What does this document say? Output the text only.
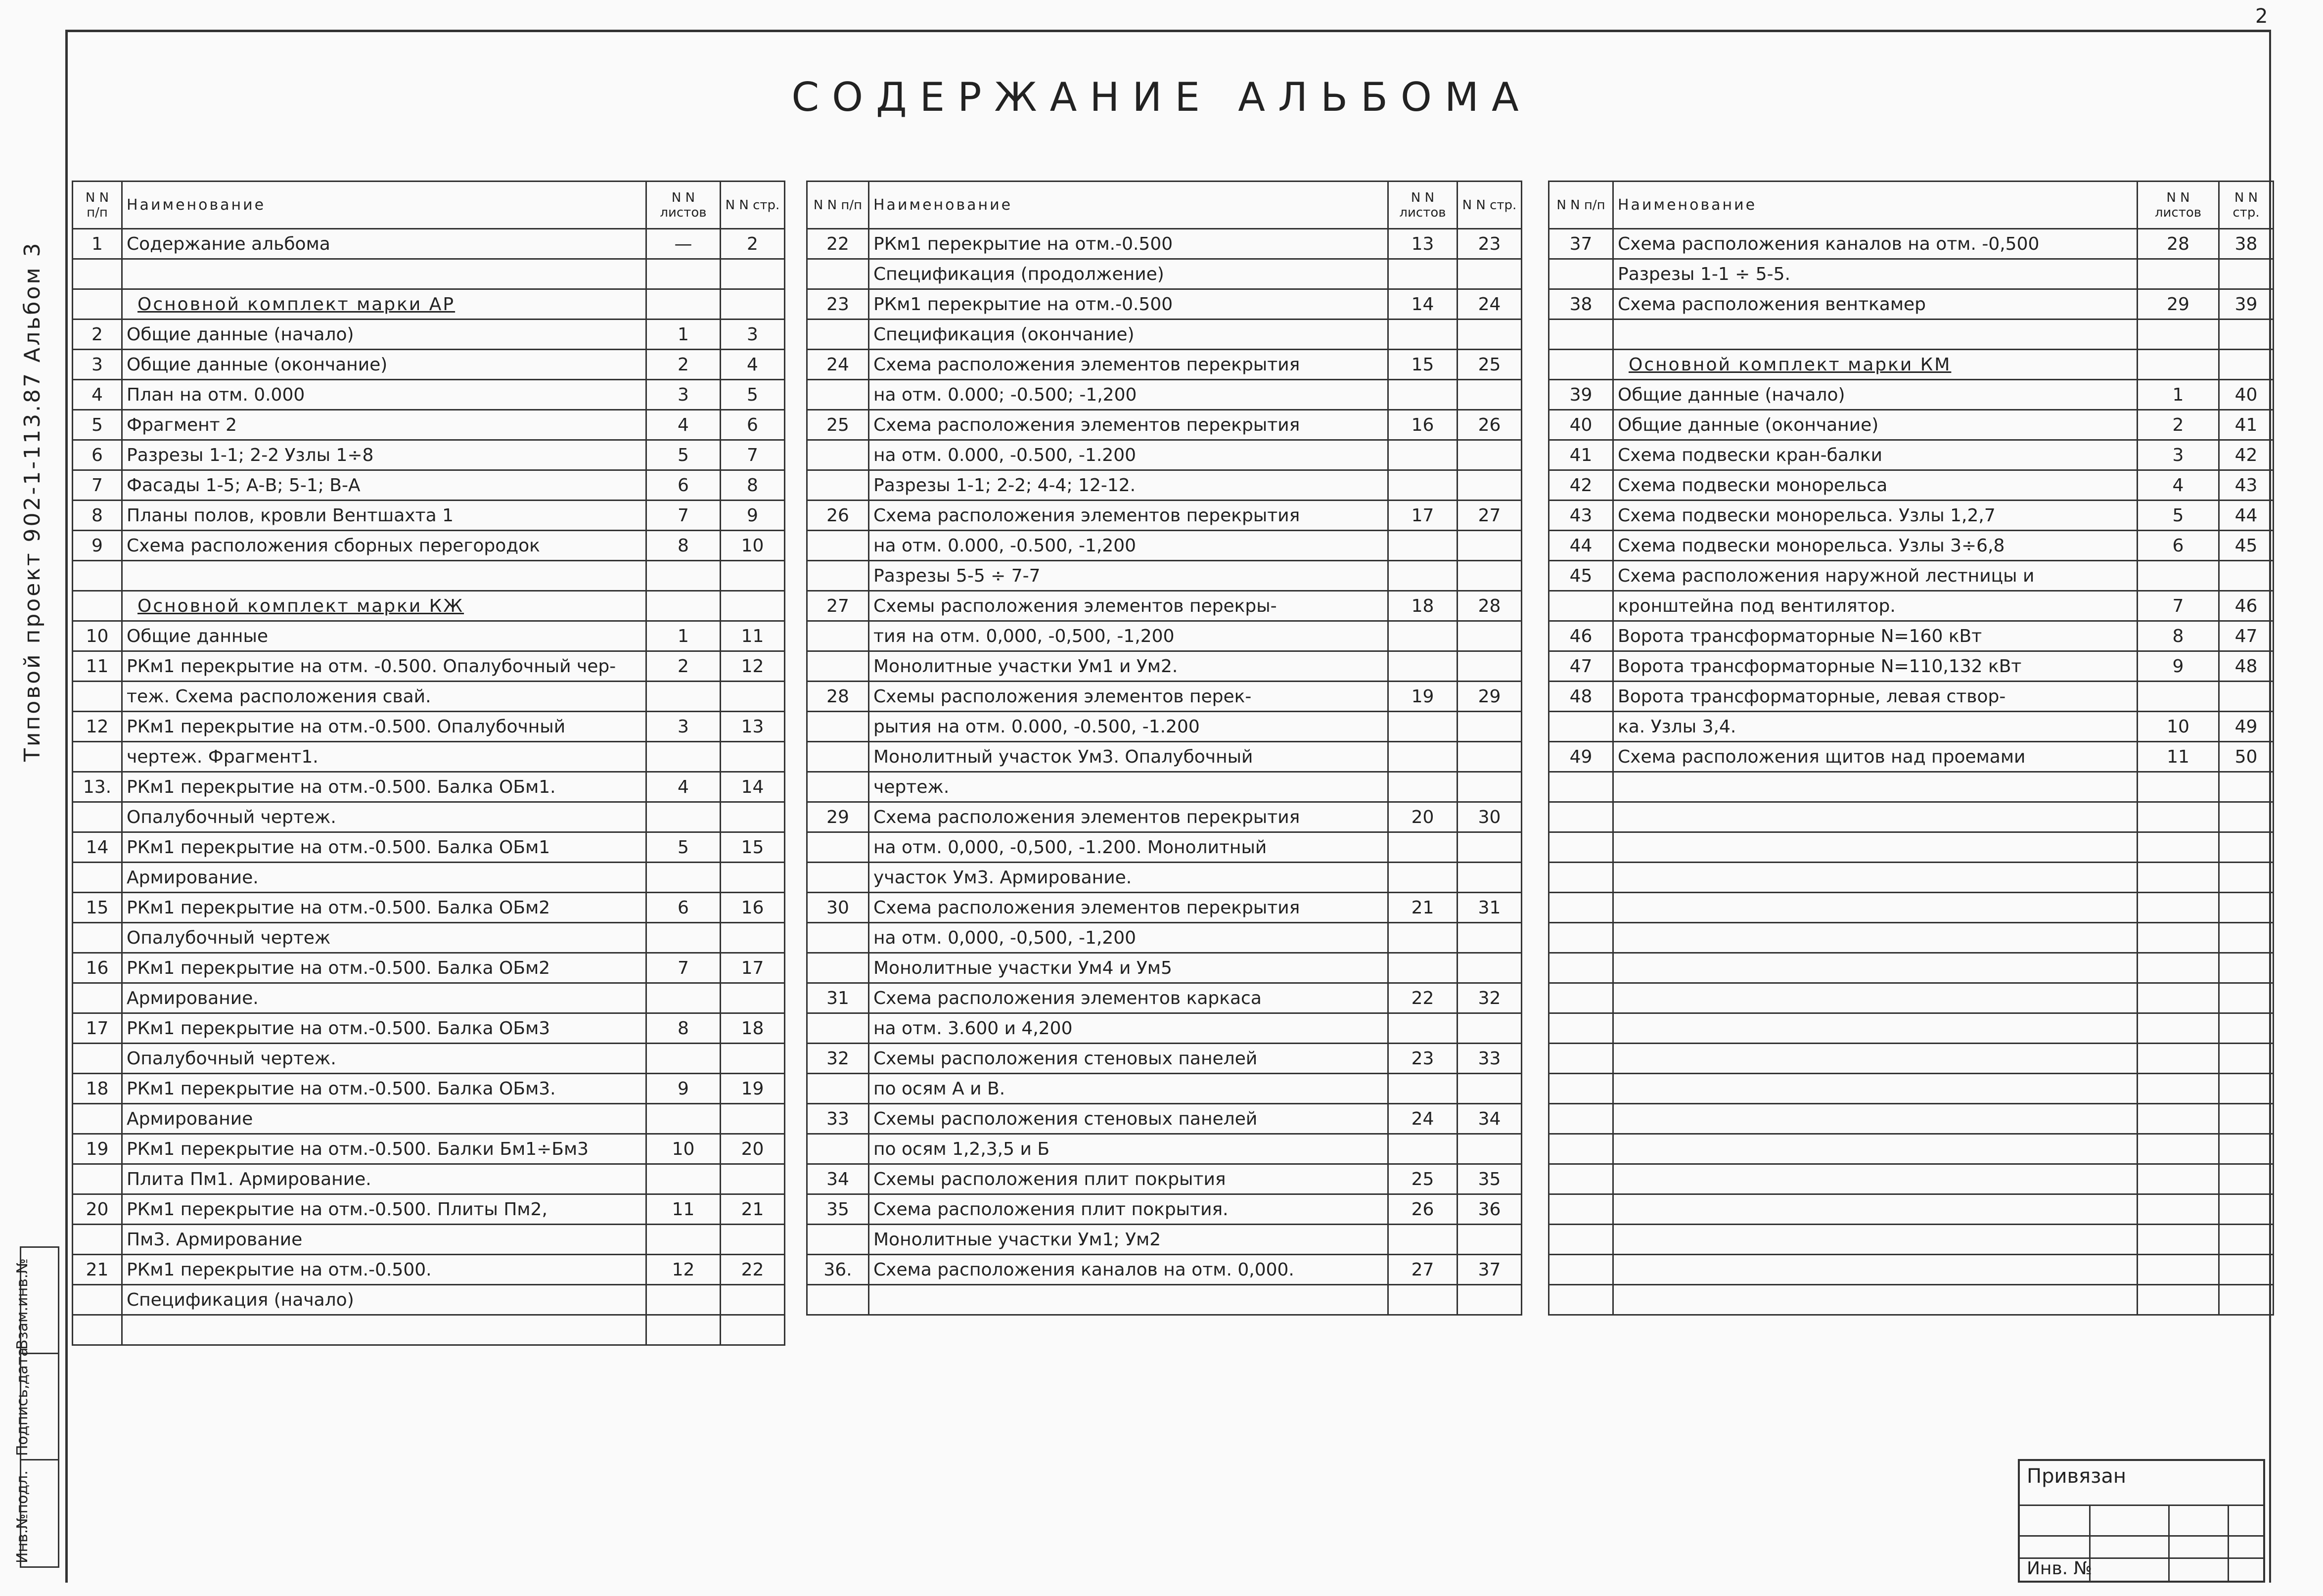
2
СОДЕРЖАНИЕ АЛЬБОМА
Типовой проект 902-1-113.87 Альбом 3
Взам.инв.№
Подпись,дата
Инв.№подл.
N N п/п	Наименование	N N листов	N N стр.
1	Содержание альбома	—	2

	Основной комплект марки АР		
2	Общие данные (начало)	1	3
3	Общие данные (окончание)	2	4
4	План на отм. 0.000	3	5
5	Фрагмент 2	4	6
6	Разрезы 1-1; 2-2 Узлы 1÷8	5	7
7	Фасады 1-5; А-В; 5-1; В-А	6	8
8	Планы полов, кровли Вентшахта 1	7	9
9	Схема расположения сборных перегородок	8	10

	Основной комплект марки КЖ		
10	Общие данные	1	11
11	РКм1 перекрытие на отм. -0.500. Опалубочный чер-	2	12
	теж. Схема расположения свай.		
12	РКм1 перекрытие на отм.-0.500. Опалубочный	3	13
	чертеж. Фрагмент1.		
13.	РКм1 перекрытие на отм.-0.500. Балка ОБм1.	4	14
	Опалубочный чертеж.		
14	РКм1 перекрытие на отм.-0.500. Балка ОБм1	5	15
	Армирование.		
15	РКм1 перекрытие на отм.-0.500. Балка ОБм2	6	16
	Опалубочный чертеж		
16	РКм1 перекрытие на отм.-0.500. Балка ОБм2	7	17
	Армирование.		
17	РКм1 перекрытие на отм.-0.500. Балка ОБм3	8	18
	Опалубочный чертеж.		
18	РКм1 перекрытие на отм.-0.500. Балка ОБм3.	9	19
	Армирование		
19	РКм1 перекрытие на отм.-0.500. Балки Бм1÷Бм3	10	20
	Плита Пм1. Армирование.		
20	РКм1 перекрытие на отм.-0.500. Плиты Пм2,	11	21
	Пм3. Армирование		
21	РКм1 перекрытие на отм.-0.500.	12	22
	Спецификация (начало)		

N N п/п	Наименование	N N листов	N N стр.
22	РКм1 перекрытие на отм.-0.500	13	23
	Спецификация (продолжение)		
23	РКм1 перекрытие на отм.-0.500	14	24
	Спецификация (окончание)		
24	Схема расположения элементов перекрытия	15	25
	на отм. 0.000; -0.500; -1,200		
25	Схема расположения элементов перекрытия	16	26
	на отм. 0.000, -0.500, -1.200		
	Разрезы 1-1; 2-2; 4-4; 12-12.		
26	Схема расположения элементов перекрытия	17	27
	на отм. 0.000, -0.500, -1,200		
	Разрезы 5-5 ÷ 7-7		
27	Схемы расположения элементов перекры-	18	28
	тия на отм. 0,000, -0,500, -1,200		
	Монолитные участки Ум1 и Ум2.		
28	Схемы расположения элементов перек-	19	29
	рытия на отм. 0.000, -0.500, -1.200		
	Монолитный участок Ум3. Опалубочный		
	чертеж.		
29	Схема расположения элементов перекрытия	20	30
	на отм. 0,000, -0,500, -1.200. Монолитный		
	участок Ум3. Армирование.		
30	Схема расположения элементов перекрытия	21	31
	на отм. 0,000, -0,500, -1,200		
	Монолитные участки Ум4 и Ум5		
31	Схема расположения элементов каркаса	22	32
	на отм. 3.600 и 4,200		
32	Схемы расположения стеновых панелей	23	33
	по осям А и В.		
33	Схемы расположения стеновых панелей	24	34
	по осям 1,2,3,5 и Б		
34	Схемы расположения плит покрытия	25	35
35	Схема расположения плит покрытия.	26	36
	Монолитные участки Ум1; Ум2		
36.	Схема расположения каналов на отм. 0,000.	27	37

N N п/п	Наименование	N N листов	N N стр.
37	Схема расположения каналов на отм. -0,500	28	38
	Разрезы 1-1 ÷ 5-5.		
38	Схема расположения венткамер	29	39

	Основной комплект марки КМ		
39	Общие данные (начало)	1	40
40	Общие данные (окончание)	2	41
41	Схема подвески кран-балки	3	42
42	Схема подвески монорельса	4	43
43	Схема подвески монорельса. Узлы 1,2,7	5	44
44	Схема подвески монорельса. Узлы 3÷6,8	6	45
45	Схема расположения наружной лестницы и		
	кронштейна под вентилятор.	7	46
46	Ворота трансформаторные N=160 кВт	8	47
47	Ворота трансформаторные N=110,132 кВт	9	48
48	Ворота трансформаторные, левая створ-		
	ка. Узлы 3,4.	10	49
49	Схема расположения щитов над проемами	11	50

Привязан
Инв. №
